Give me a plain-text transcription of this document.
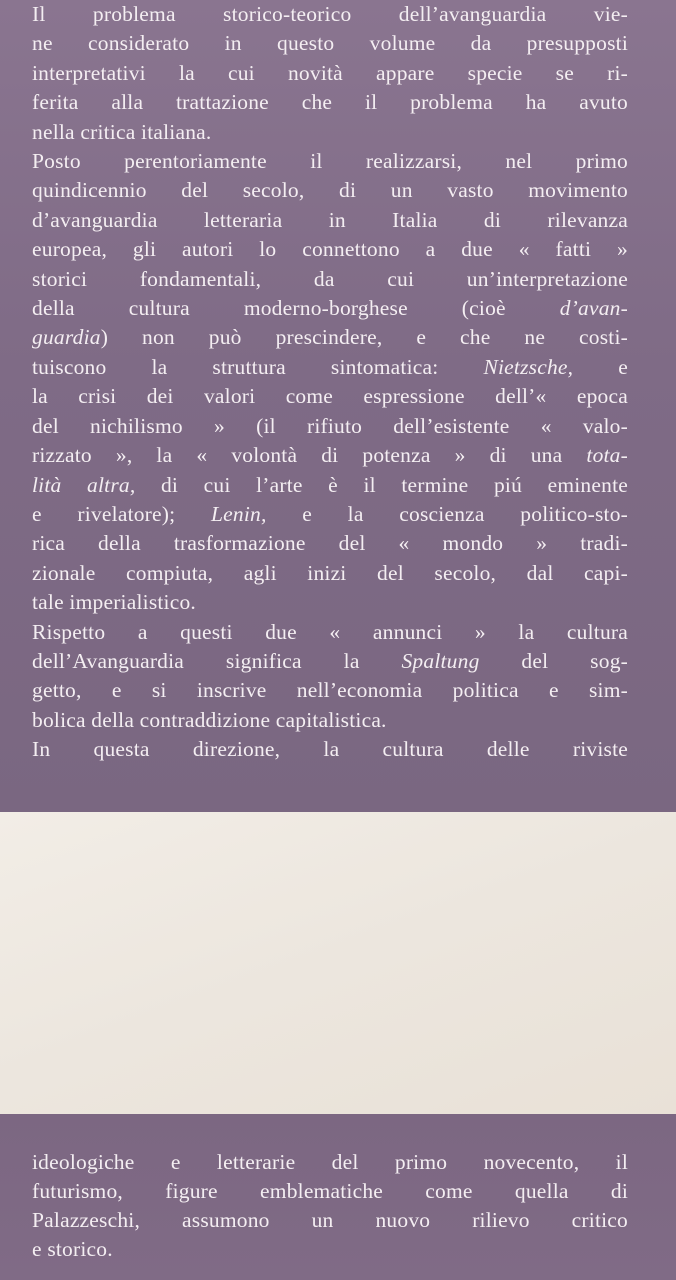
Il problema storico-teorico dell’avanguardia vie-
ne considerato in questo volume da presupposti
interpretativi la cui novità appare specie se ri-
ferita alla trattazione che il problema ha avuto
nella critica italiana.
Posto perentoriamente il realizzarsi, nel primo
quindicennio del secolo, di un vasto movimento
d’avanguardia letteraria in Italia di rilevanza
europea, gli autori lo connettono a due « fatti »
storici fondamentali, da cui un’interpretazione
della cultura moderno-borghese (cioè d’avan-
guardia) non può prescindere, e che ne costi-
tuiscono la struttura sintomatica: Nietzsche, e
la crisi dei valori come espressione dell’« epoca
del nichilismo » (il rifiuto dell’esistente « valo-
rizzato », la « volontà di potenza » di una tota-
lità altra, di cui l’arte è il termine piú eminente
e rivelatore); Lenin, e la coscienza politico-sto-
rica della trasformazione del « mondo » tradi-
zionale compiuta, agli inizi del secolo, dal capi-
tale imperialistico.
Rispetto a questi due « annunci » la cultura
dell’Avanguardia significa la Spaltung del sog-
getto, e si inscrive nell’economia politica e sim-
bolica della contraddizione capitalistica.
In questa direzione, la cultura delle riviste
ideologiche e letterarie del primo novecento, il
futurismo, figure emblematiche come quella di
Palazzeschi, assumono un nuovo rilievo critico
e storico.
